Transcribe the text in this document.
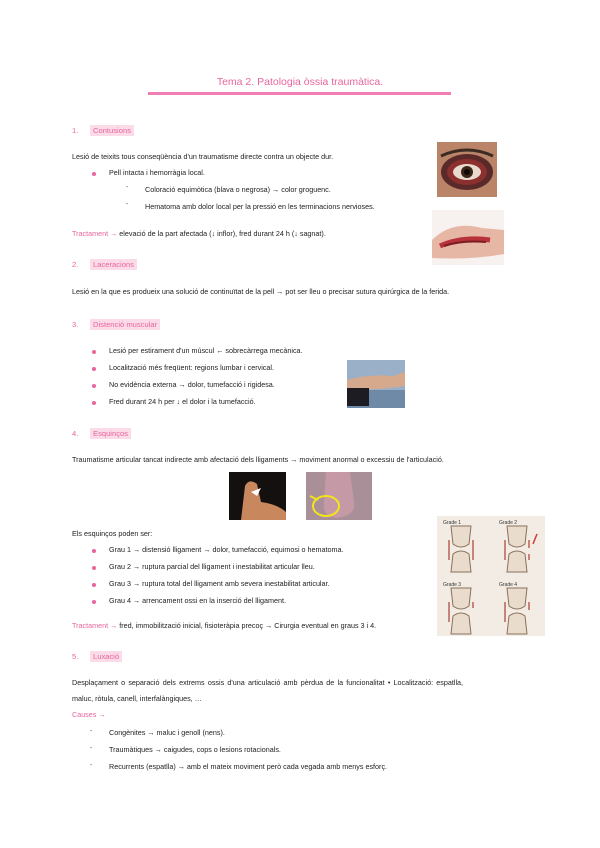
Tema 2. Patologia òssia traumàtica.
1. Contusions
Lesió de teixits tous conseqüència d'un traumatisme directe contra un objecte dur.
Pell intacta i hemorràgia local.
- Coloració equimòtica (blava o negrosa) → color groguenc.
- Hematoma amb dolor local per la pressió en les terminacions nervioses.
Tractament → elevació de la part afectada (↓ inflor), fred durant 24 h (↓ sagnat).
2. Laceracions
Lesió en la que es produeix una solució de continuïtat de la pell → pot ser lleu o precisar sutura quirúrgica de la ferida.
3. Distenció muscular
Lesió per estirament d'un múscul ← sobrecàrrega mecànica.
Localització més freqüent: regions lumbar i cervical.
No evidència externa → dolor, tumefacció i rigidesa.
Fred durant 24 h per ↓ el dolor i la tumefacció.
4. Esquinços
Traumatisme articular tancat indirecte amb afectació dels lligaments → moviment anormal o excessiu de l'articulació.
Els esquinços poden ser:
Grau 1 → distensió lligament → dolor, tumefacció, equimosi o hematoma.
Grau 2 → ruptura parcial del lligament i inestabilitat articular lleu.
Grau 3 → ruptura total del lligament amb severa inestabilitat articular.
Grau 4 → arrencament ossi en la inserció del lligament.
Tractament → fred, immobilització inicial, fisioteràpia precoç → Cirurgia eventual en graus 3 i 4.
Grade 1	Grade 2
Grade 3	Grade 4
5. Luxació
Desplaçament o separació dels extrems ossis d'una articulació amb pèrdua de la funcionalitat • Localització: espatlla,
maluc, ròtula, canell, interfalàngiques, …
Causes →
- Congènites → maluc i genoll (nens).
- Traumàtiques → caigudes, cops o lesions rotacionals.
- Recurrents (espatlla) → amb el mateix moviment però cada vegada amb menys esforç.
